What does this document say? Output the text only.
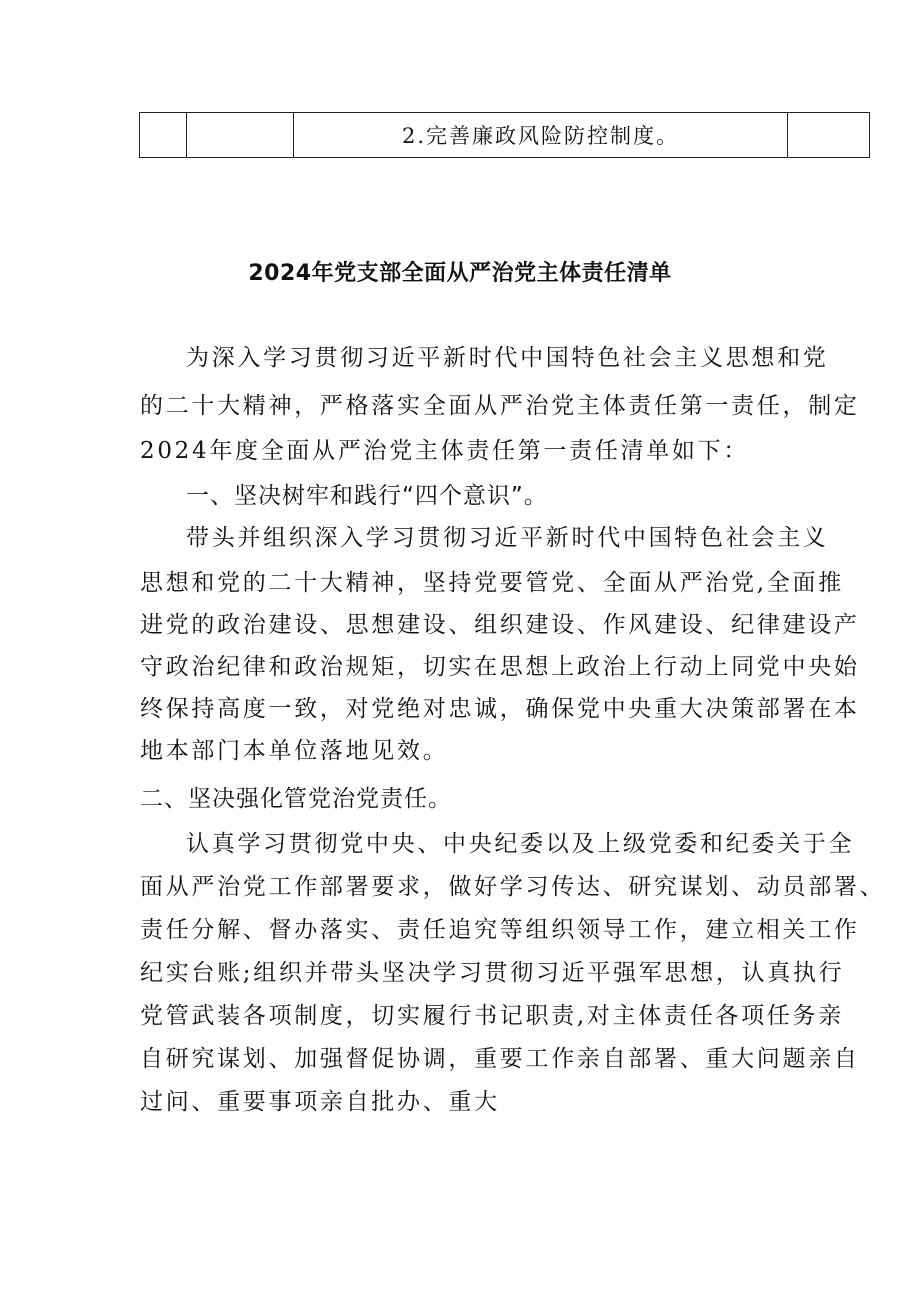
		2.完善廉政风险防控制度。	
2024年党支部全面从严治党主体责任清单

为深入学习贯彻习近平新时代中国特色社会主义思想和党

的二十大精神，严格落实全面从严治党主体责任第一责任，制定

2024年度全面从严治党主体责任第一责任清单如下：

一、坚决树牢和践行“四个意识”。

带头并组织深入学习贯彻习近平新时代中国特色社会主义

思想和党的二十大精神，坚持党要管党、全面从严治党,全面推

进党的政治建设、思想建设、组织建设、作风建设、纪律建设产

守政治纪律和政治规矩，切实在思想上政治上行动上同党中央始

终保持高度一致，对党绝对忠诚，确保党中央重大决策部署在本

地本部门本单位落地见效。

二、坚决强化管党治党责任。

认真学习贯彻党中央、中央纪委以及上级党委和纪委关于全

面从严治党工作部署要求，做好学习传达、研究谋划、动员部署、

责任分解、督办落实、责任追究等组织领导工作，建立相关工作

纪实台账;组织并带头坚决学习贯彻习近平强军思想，认真执行

党管武装各项制度，切实履行书记职责,对主体责任各项任务亲

自研究谋划、加强督促协调，重要工作亲自部署、重大问题亲自

过问、重要事项亲自批办、重大
